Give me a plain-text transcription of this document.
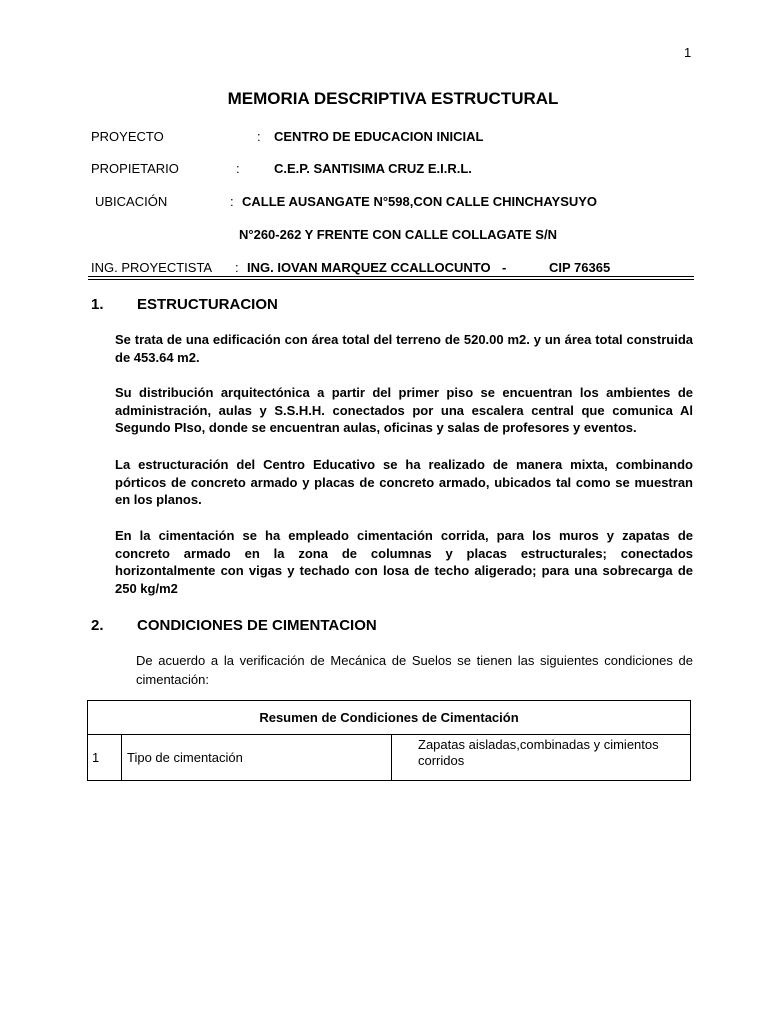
1
MEMORIA DESCRIPTIVA ESTRUCTURAL
PROYECTO	: CENTRO DE EDUCACION INICIAL
PROPIETARIO	:	C.E.P. SANTISIMA CRUZ E.I.R.L.
UBICACIÓN	: CALLE AUSANGATE N°598,CON CALLE CHINCHAYSUYO
N°260-262 Y FRENTE CON CALLE COLLAGATE S/N
ING. PROYECTISTA : ING. IOVAN MARQUEZ CCALLOCUNTO -	CIP 76365
1. ESTRUCTURACION
Se trata de una edificación con área total del terreno de 520.00 m2. y un área total construida de 453.64 m2.
Su distribución arquitectónica a partir del primer piso se encuentran los ambientes de administración, aulas y S.S.H.H. conectados por una escalera central que comunica Al Segundo PIso, donde se encuentran aulas, oficinas y salas de profesores y eventos.
La estructuración del Centro Educativo se ha realizado de manera mixta, combinando pórticos de concreto armado y placas de concreto armado, ubicados tal como se muestran en los planos.
En la cimentación se ha empleado cimentación corrida, para los muros y zapatas de concreto armado en la zona de columnas y placas estructurales; conectados horizontalmente con vigas y techado con losa de techo aligerado; para una sobrecarga de 250 kg/m2
2. CONDICIONES DE CIMENTACION
De acuerdo a la verificación de Mecánica de Suelos se tienen las siguientes condiciones de cimentación:
Resumen de Condiciones de Cimentación
1	Tipo de cimentación	Zapatas aisladas,combinadas y cimientos corridos
